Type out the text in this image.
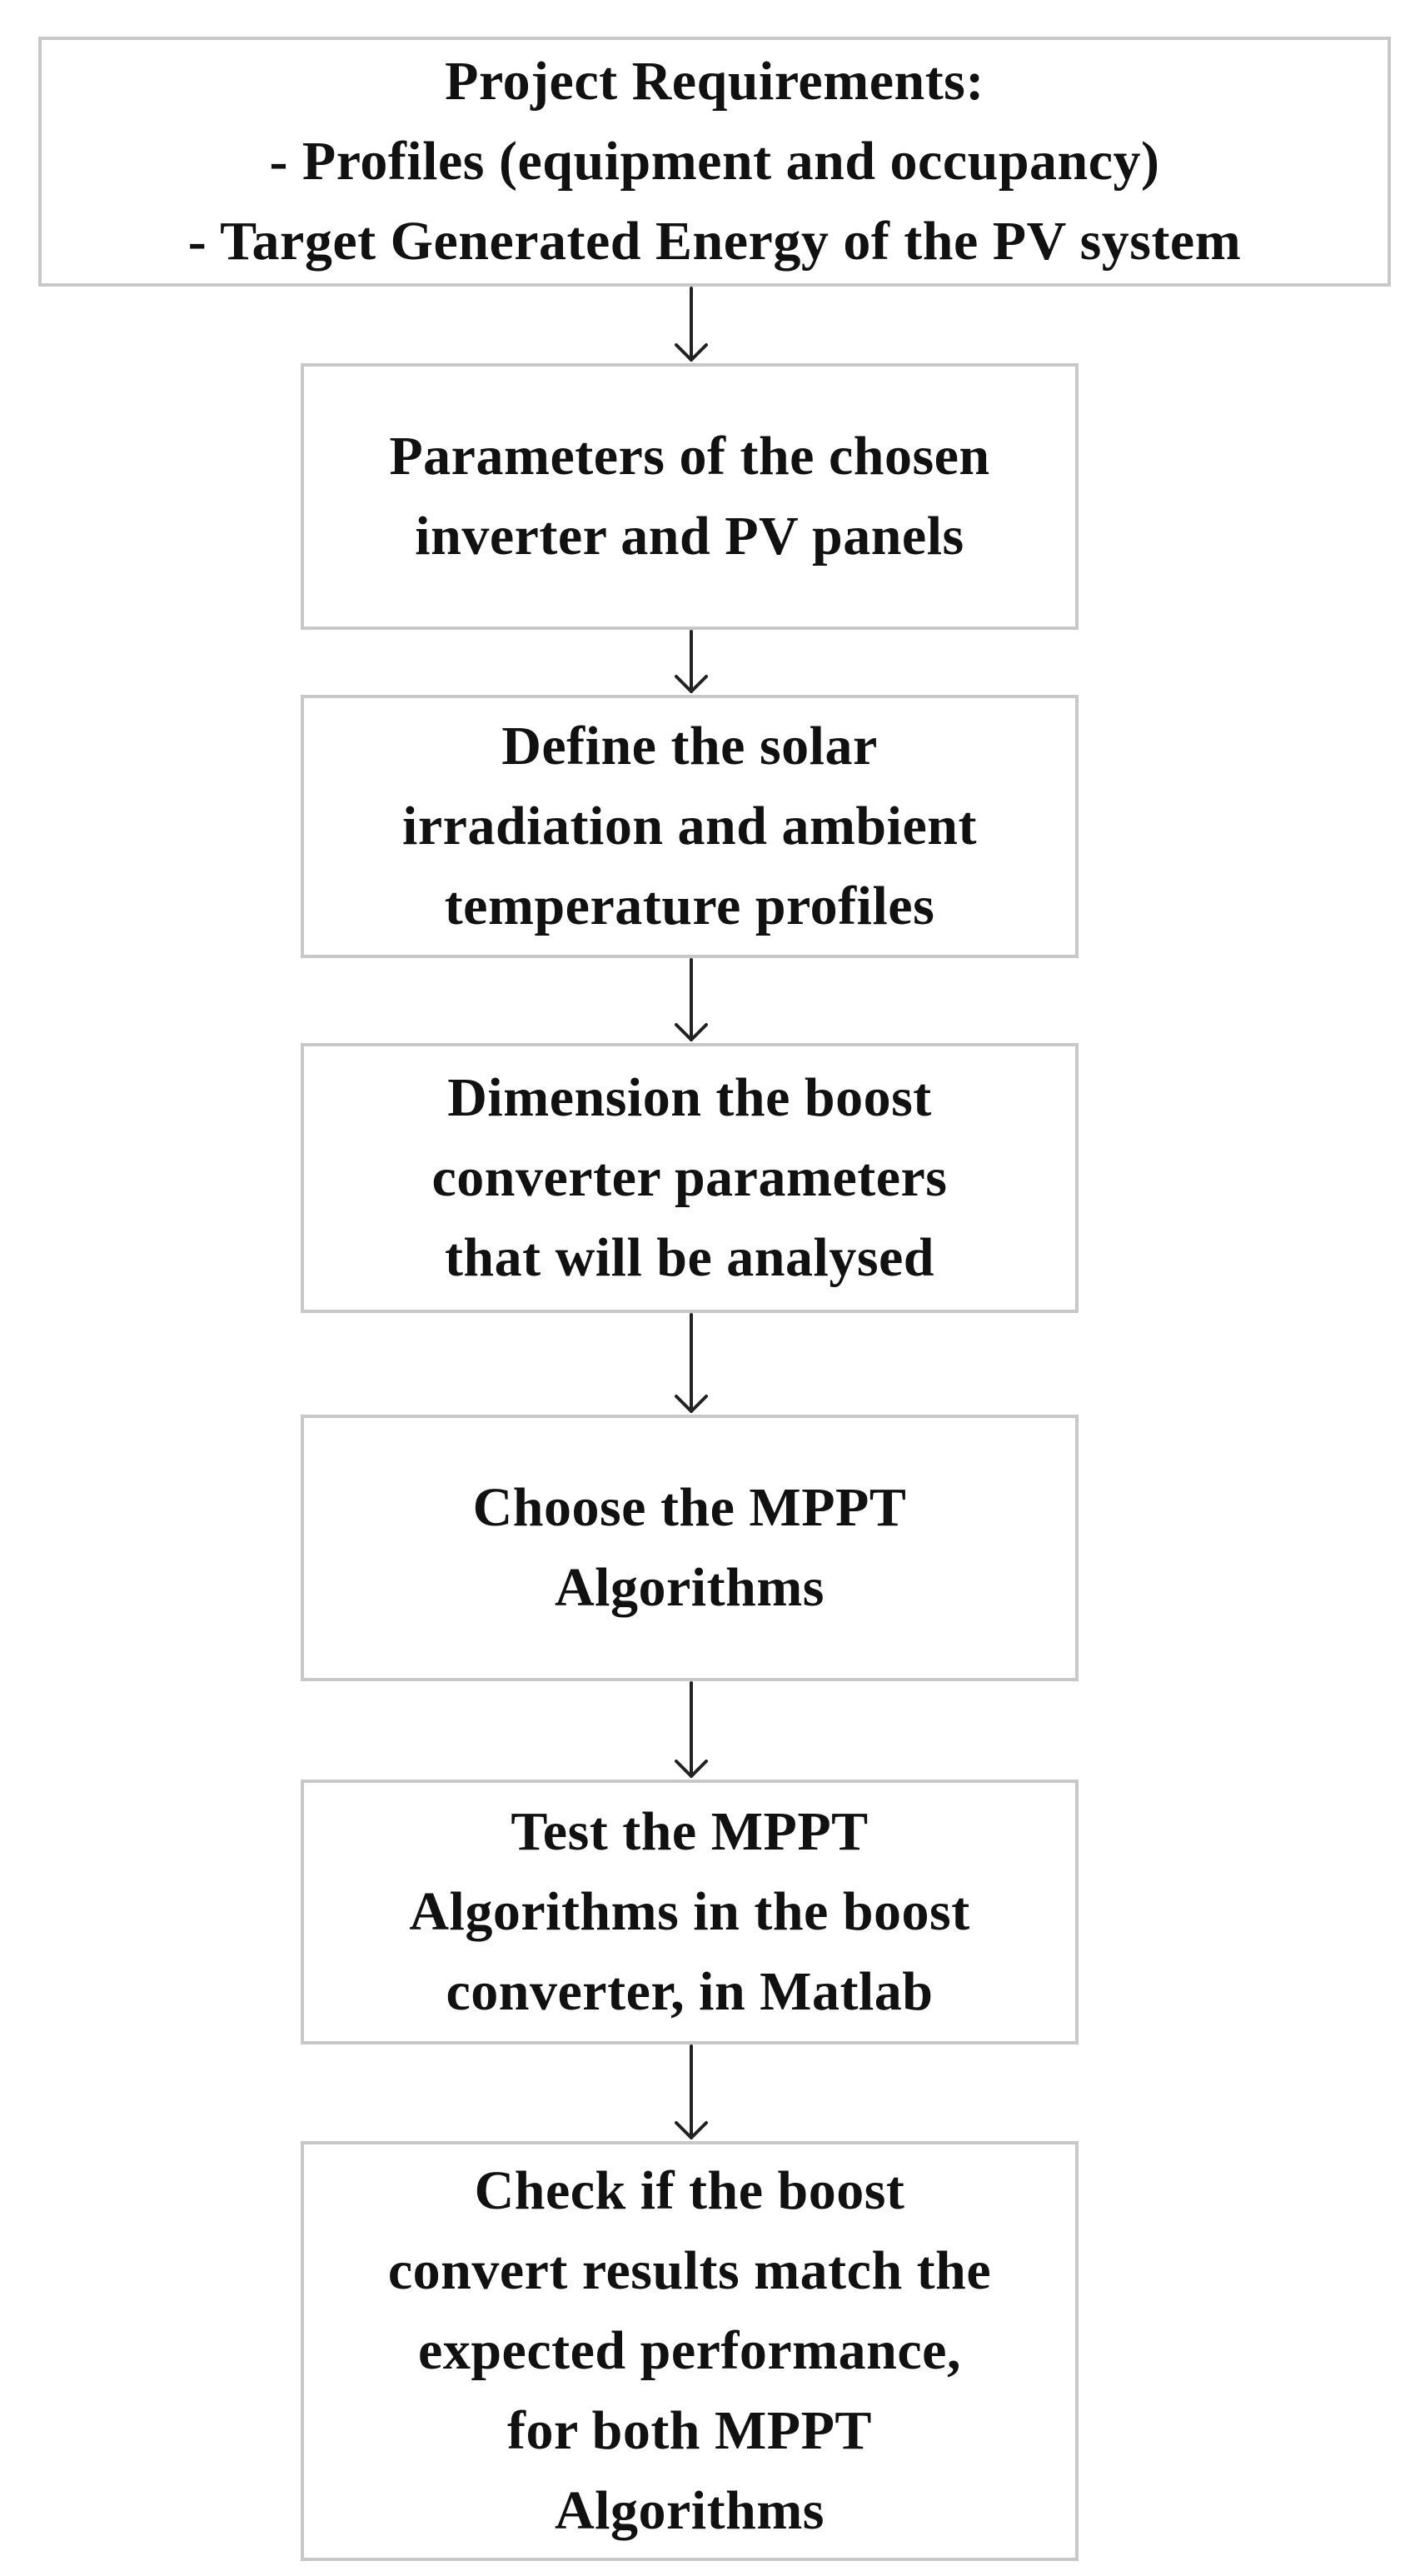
Project Requirements:
- Profiles (equipment and occupancy)
- Target Generated Energy of the PV system
Parameters of the chosen
inverter and PV panels
Define the solar
irradiation and ambient
temperature profiles
Dimension the boost
converter parameters
that will be analysed
Choose the MPPT
Algorithms
Test the MPPT
Algorithms in the boost
converter, in Matlab
Check if the boost
convert results match the
expected performance,
for both MPPT
Algorithms
